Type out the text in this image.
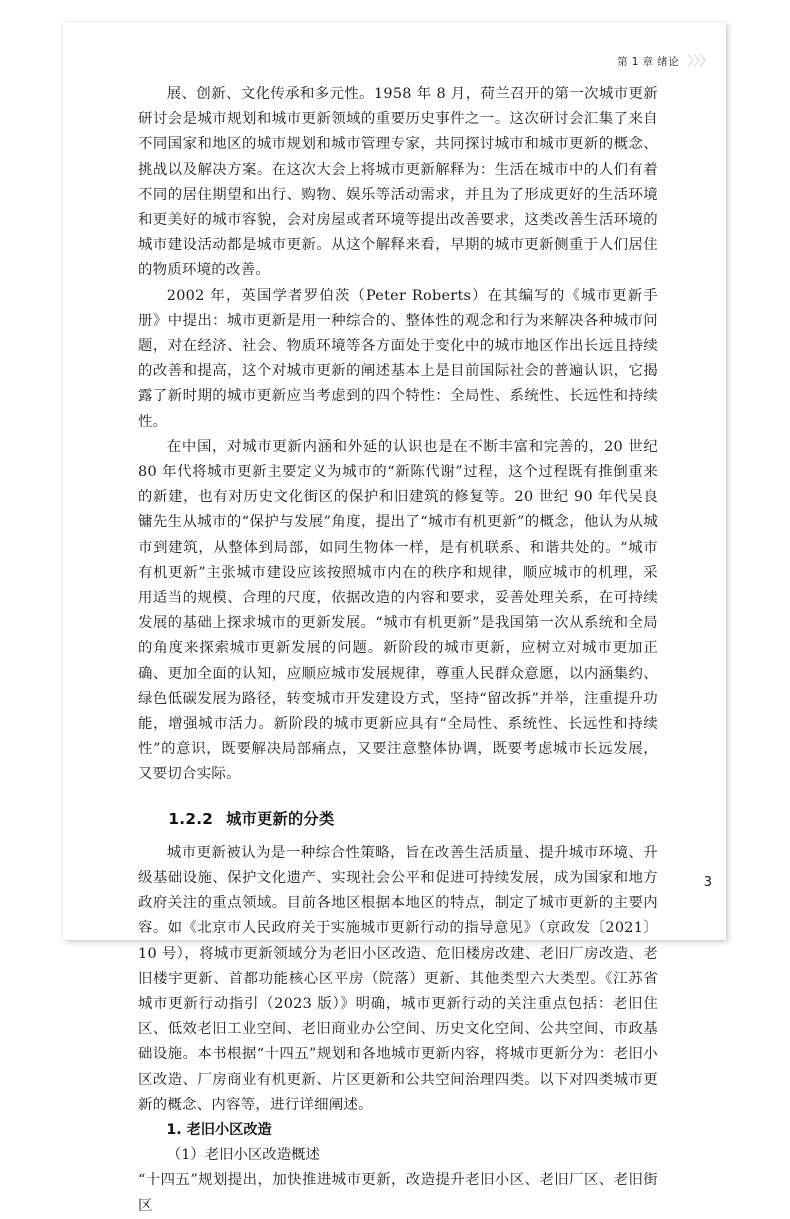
第 1 章 绪论 〉〉〉

展、创新、文化传承和多元性。1958 年 8 月，荷兰召开的第一次城市更新研讨会是城市规划和城市更新领域的重要历史事件之一。这次研讨会汇集了来自不同国家和地区的城市规划和城市管理专家，共同探讨城市和城市更新的概念、挑战以及解决方案。在这次大会上将城市更新解释为：生活在城市中的人们有着不同的居住期望和出行、购物、娱乐等活动需求，并且为了形成更好的生活环境和更美好的城市容貌，会对房屋或者环境等提出改善要求，这类改善生活环境的城市建设活动都是城市更新。从这个解释来看，早期的城市更新侧重于人们居住的物质环境的改善。

2002 年，英国学者罗伯茨（Peter Roberts）在其编写的《城市更新手册》中提出：城市更新是用一种综合的、整体性的观念和行为来解决各种城市问题，对在经济、社会、物质环境等各方面处于变化中的城市地区作出长远且持续的改善和提高，这个对城市更新的阐述基本上是目前国际社会的普遍认识，它揭露了新时期的城市更新应当考虑到的四个特性：全局性、系统性、长远性和持续性。

在中国，对城市更新内涵和外延的认识也是在不断丰富和完善的，20 世纪 80 年代将城市更新主要定义为城市的“新陈代谢”过程，这个过程既有推倒重来的新建，也有对历史文化街区的保护和旧建筑的修复等。20 世纪 90 年代吴良镛先生从城市的“保护与发展”角度，提出了“城市有机更新”的概念，他认为从城市到建筑，从整体到局部，如同生物体一样，是有机联系、和谐共处的。“城市有机更新”主张城市建设应该按照城市内在的秩序和规律，顺应城市的机理，采用适当的规模、合理的尺度，依据改造的内容和要求，妥善处理关系，在可持续发展的基础上探求城市的更新发展。“城市有机更新”是我国第一次从系统和全局的角度来探索城市更新发展的问题。新阶段的城市更新，应树立对城市更加正确、更加全面的认知，应顺应城市发展规律，尊重人民群众意愿，以内涵集约、绿色低碳发展为路径，转变城市开发建设方式，坚持“留改拆”并举，注重提升功能，增强城市活力。新阶段的城市更新应具有“全局性、系统性、长远性和持续性”的意识，既要解决局部痛点，又要注意整体协调，既要考虑城市长远发展，又要切合实际。

1.2.2 城市更新的分类

城市更新被认为是一种综合性策略，旨在改善生活质量、提升城市环境、升级基础设施、保护文化遗产、实现社会公平和促进可持续发展，成为国家和地方政府关注的重点领域。目前各地区根据本地区的特点，制定了城市更新的主要内容。如《北京市人民政府关于实施城市更新行动的指导意见》（京政发〔2021〕10 号），将城市更新领域分为老旧小区改造、危旧楼房改建、老旧厂房改造、老旧楼宇更新、首都功能核心区平房（院落）更新、其他类型六大类型。《江苏省城市更新行动指引（2023 版）》明确，城市更新行动的关注重点包括：老旧住区、低效老旧工业空间、老旧商业办公空间、历史文化空间、公共空间、市政基础设施。本书根据“十四五”规划和各地城市更新内容，将城市更新分为：老旧小区改造、厂房商业有机更新、片区更新和公共空间治理四类。以下对四类城市更新的概念、内容等，进行详细阐述。

1. 老旧小区改造

（1）老旧小区改造概述

“十四五”规划提出，加快推进城市更新，改造提升老旧小区、老旧厂区、老旧街区

3
